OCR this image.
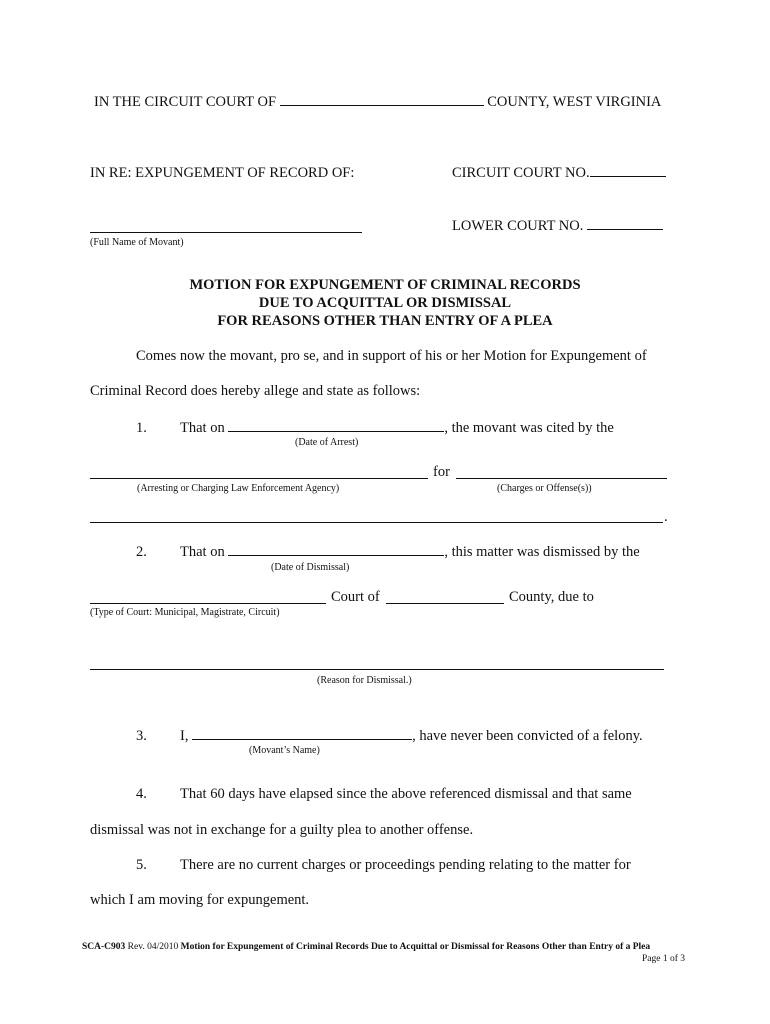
IN THE CIRCUIT COURT OF	COUNTY, WEST VIRGINIA
IN RE: EXPUNGEMENT OF RECORD OF:	CIRCUIT COURT NO.
(Full Name of Movant)
LOWER COURT NO.
MOTION FOR EXPUNGEMENT OF CRIMINAL RECORDS
DUE TO ACQUITTAL OR DISMISSAL
FOR REASONS OTHER THAN ENTRY OF A PLEA
Comes now the movant, pro se, and in support of his or her Motion for Expungement of
Criminal Record does hereby allege and state as follows:
1. That on	, the movant was cited by the
(Date of Arrest)
for
(Arresting or Charging Law Enforcement Agency)	(Charges or Offense(s))
.
2. That on	, this matter was dismissed by the
(Date of Dismissal)
Court of	County, due to
(Type of Court: Municipal, Magistrate, Circuit)
(Reason for Dismissal.)
3. I,	, have never been convicted of a felony.
(Movant’s Name)
4. That 60 days have elapsed since the above referenced dismissal and that same
dismissal was not in exchange for a guilty plea to another offense.
5. There are no current charges or proceedings pending relating to the matter for
which I am moving for expungement.
SCA-C903 Rev. 04/2010 Motion for Expungement of Criminal Records Due to Acquittal or Dismissal for Reasons Other than Entry of a Plea
Page 1 of 3
